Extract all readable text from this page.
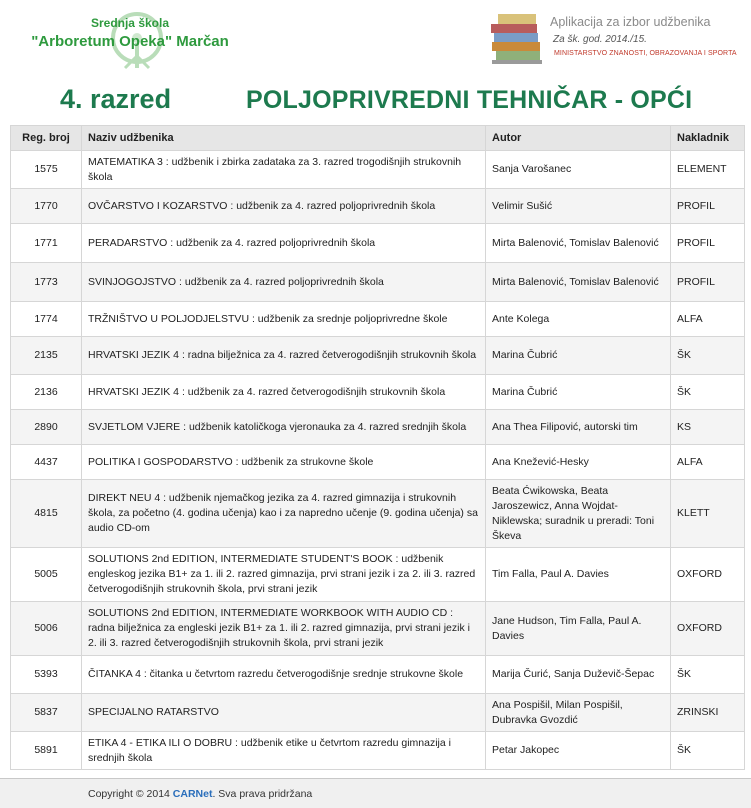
Srednja škola
"Arboretum Opeka" Marčan
Aplikacija za izbor udžbenika
Za šk. god. 2014./15.
MINISTARSTVO ZNANOSTI, OBRAZOVANJA I SPORTA
4. razred	POLJOPRIVREDNI TEHNIČAR - OPĆI
Reg. broj	Naziv udžbenika	Autor	Nakladnik
1575	MATEMATIKA 3 : udžbenik i zbirka zadataka za 3. razred trogodišnjih strukovnih škola	Sanja Varošanec	ELEMENT
1770	OVČARSTVO I KOZARSTVO : udžbenik za 4. razred poljoprivrednih škola	Velimir Sušić	PROFIL
1771	PERADARSTVO : udžbenik za 4. razred poljoprivrednih škola	Mirta Balenović, Tomislav Balenović	PROFIL
1773	SVINJOGOJSTVO : udžbenik za 4. razred poljoprivrednih škola	Mirta Balenović, Tomislav Balenović	PROFIL
1774	TRŽNIŠTVO U POLJODJELSTVU : udžbenik za srednje poljoprivredne škole	Ante Kolega	ALFA
2135	HRVATSKI JEZIK 4 : radna bilježnica za 4. razred četverogodišnjih strukovnih škola	Marina Čubrić	ŠK
2136	HRVATSKI JEZIK 4 : udžbenik za 4. razred četverogodišnjih strukovnih škola	Marina Čubrić	ŠK
2890	SVJETLOM VJERE : udžbenik katoličkoga vjeronauka za 4. razred srednjih škola	Ana Thea Filipović, autorski tim	KS
4437	POLITIKA I GOSPODARSTVO : udžbenik za strukovne škole	Ana Knežević-Hesky	ALFA
4815	DIREKT NEU 4 : udžbenik njemačkog jezika za 4. razred gimnazija i strukovnih škola, za početno (4. godina učenja) kao i za napredno učenje (9. godina učenja) sa audio CD-om	Beata Ćwikowska, Beata Jaroszewicz, Anna Wojdat-Niklewska; suradnik u preradi: Toni Škeva	KLETT
5005	SOLUTIONS 2nd EDITION, INTERMEDIATE STUDENT'S BOOK : udžbenik engleskog jezika B1+ za 1. ili 2. razred gimnazija, prvi strani jezik i za 2. ili 3. razred četverogodišnjih strukovnih škola, prvi strani jezik	Tim Falla, Paul A. Davies	OXFORD
5006	SOLUTIONS 2nd EDITION, INTERMEDIATE WORKBOOK WITH AUDIO CD : radna bilježnica za engleski jezik B1+ za 1. ili 2. razred gimnazija, prvi strani jezik i 2. ili 3. razred četverogodišnjih strukovnih škola, prvi strani jezik	Jane Hudson, Tim Falla, Paul A. Davies	OXFORD
5393	ČITANKA 4 : čitanka u četvrtom razredu četverogodišnje srednje strukovne škole	Marija Čurić, Sanja Duževič-Šepac	ŠK
5837	SPECIJALNO RATARSTVO	Ana Pospišil, Milan Pospišil, Dubravka Gvozdić	ZRINSKI
5891	ETIKA 4 - ETIKA ILI O DOBRU : udžbenik etike u četvrtom razredu gimnazija i srednjih škola	Petar Jakopec	ŠK
Copyright © 2014 CARNet. Sva prava pridržana
